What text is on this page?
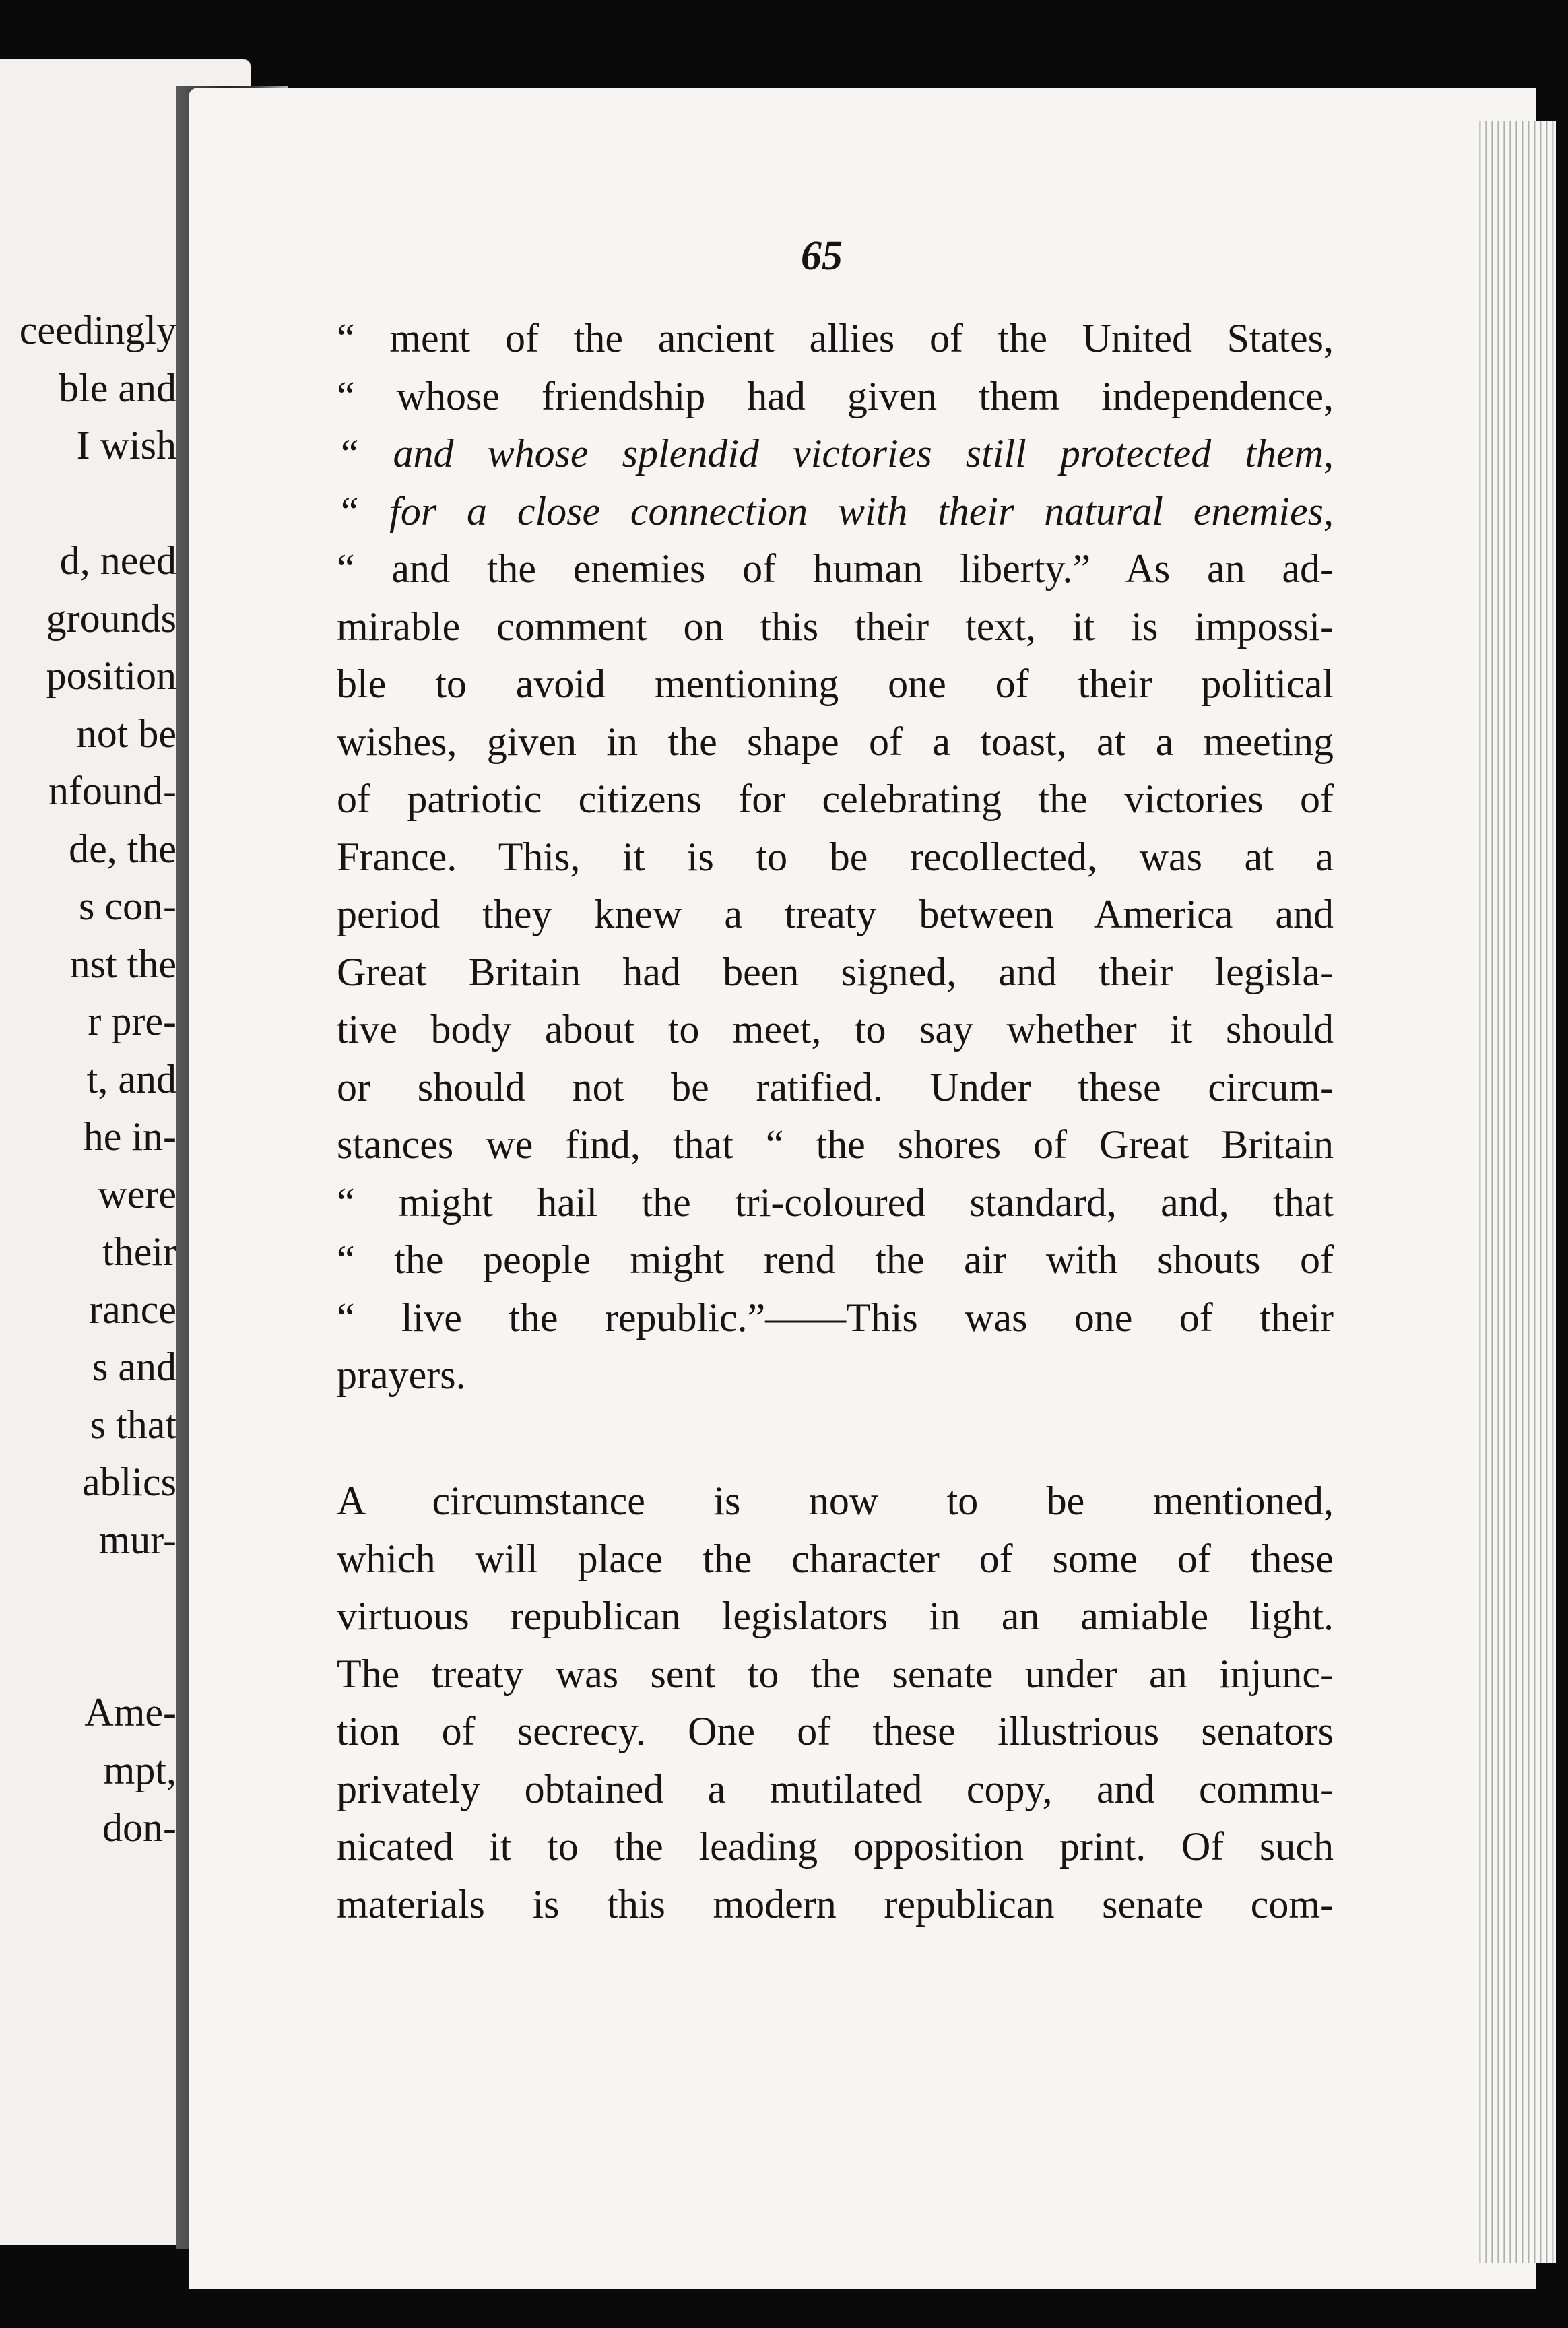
ceedingly
ble and
I wish
d, need
grounds
position
not be
nfound-
de, the
s con-
nst the
r pre-
t, and
he in-
were
their
rance
s and
s that
ablics
mur-
Ame-
mpt,
don-
65
“ ment of the ancient allies of the United States,
“ whose friendship had given them independence,
“ and whose splendid victories still protected them,
“ for a close connection with their natural enemies,
“ and the enemies of human liberty.” As an ad-
mirable comment on this their text, it is impossi-
ble to avoid mentioning one of their political
wishes, given in the shape of a toast, at a meeting
of patriotic citizens for celebrating the victories of
France. This, it is to be recollected, was at a
period they knew a treaty between America and
Great Britain had been signed, and their legisla-
tive body about to meet, to say whether it should
or should not be ratified. Under these circum-
stances we find, that “ the shores of Great Britain
“ might hail the tri-coloured standard, and, that
“ the people might rend the air with shouts of
“ live the republic.”——This was one of their
prayers.
A circumstance is now to be mentioned,
which will place the character of some of these
virtuous republican legislators in an amiable light.
The treaty was sent to the senate under an injunc-
tion of secrecy. One of these illustrious senators
privately obtained a mutilated copy, and commu-
nicated it to the leading opposition print. Of such
materials is this modern republican senate com-
